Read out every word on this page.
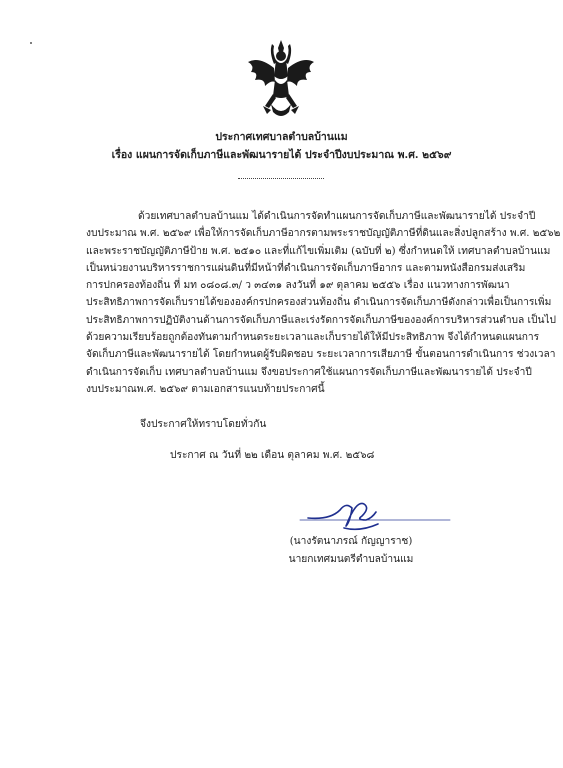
ประกาศเทศบาลตำบลบ้านแม
เรื่อง แผนการจัดเก็บภาษีและพัฒนารายได้ ประจำปีงบประมาณ พ.ศ. ๒๕๖๙
ด้วยเทศบาลตำบลบ้านแม ได้ดำเนินการจัดทำแผนการจัดเก็บภาษีและพัฒนารายได้ ประจำปี
งบประมาณ พ.ศ. ๒๕๖๙ เพื่อให้การจัดเก็บภาษีอากรตามพระราชบัญญัติภาษีที่ดินและสิ่งปลูกสร้าง พ.ศ. ๒๕๖๒
และพระราชบัญญัติภาษีป้าย พ.ศ. ๒๕๑๐ และที่แก้ไขเพิ่มเติม (ฉบับที่ ๒) ซึ่งกำหนดให้ เทศบาลตำบลบ้านแม
เป็นหน่วยงานบริหารราชการแผ่นดินที่มีหน้าที่ดำเนินการจัดเก็บภาษีอากร และตามหนังสือกรมส่งเสริม
การปกครองท้องถิ่น ที่ มท ๐๘๐๘.๓/ ว ๓๔๓๑ ลงวันที่ ๑๙ ตุลาคม ๒๕๕๖ เรื่อง แนวทางการพัฒนา
ประสิทธิภาพการจัดเก็บรายได้ขององค์กรปกครองส่วนท้องถิ่น ดำเนินการจัดเก็บภาษีดังกล่าวเพื่อเป็นการเพิ่ม
ประสิทธิภาพการปฏิบัติงานด้านการจัดเก็บภาษีและเร่งรัดการจัดเก็บภาษีขององค์การบริหารส่วนตำบล เป็นไป
ด้วยความเรียบร้อยถูกต้องทันตามกำหนดระยะเวลาและเก็บรายได้ให้มีประสิทธิภาพ จึงได้กำหนดแผนการ
จัดเก็บภาษีและพัฒนารายได้ โดยกำหนดผู้รับผิดชอบ ระยะเวลาการเสียภาษี ขั้นตอนการดำเนินการ ช่วงเวลา
ดำเนินการจัดเก็บ เทศบาลตำบลบ้านแม จึงขอประกาศใช้แผนการจัดเก็บภาษีและพัฒนารายได้ ประจำปี
งบประมาณพ.ศ. ๒๕๖๙ ตามเอกสารแนบท้ายประกาศนี้
จึงประกาศให้ทราบโดยทั่วกัน
ประกาศ ณ วันที่ ๒๒ เดือน ตุลาคม พ.ศ. ๒๕๖๘
(นางรัตนาภรณ์ กัญญาราช)
นายกเทศมนตรีตำบลบ้านแม
